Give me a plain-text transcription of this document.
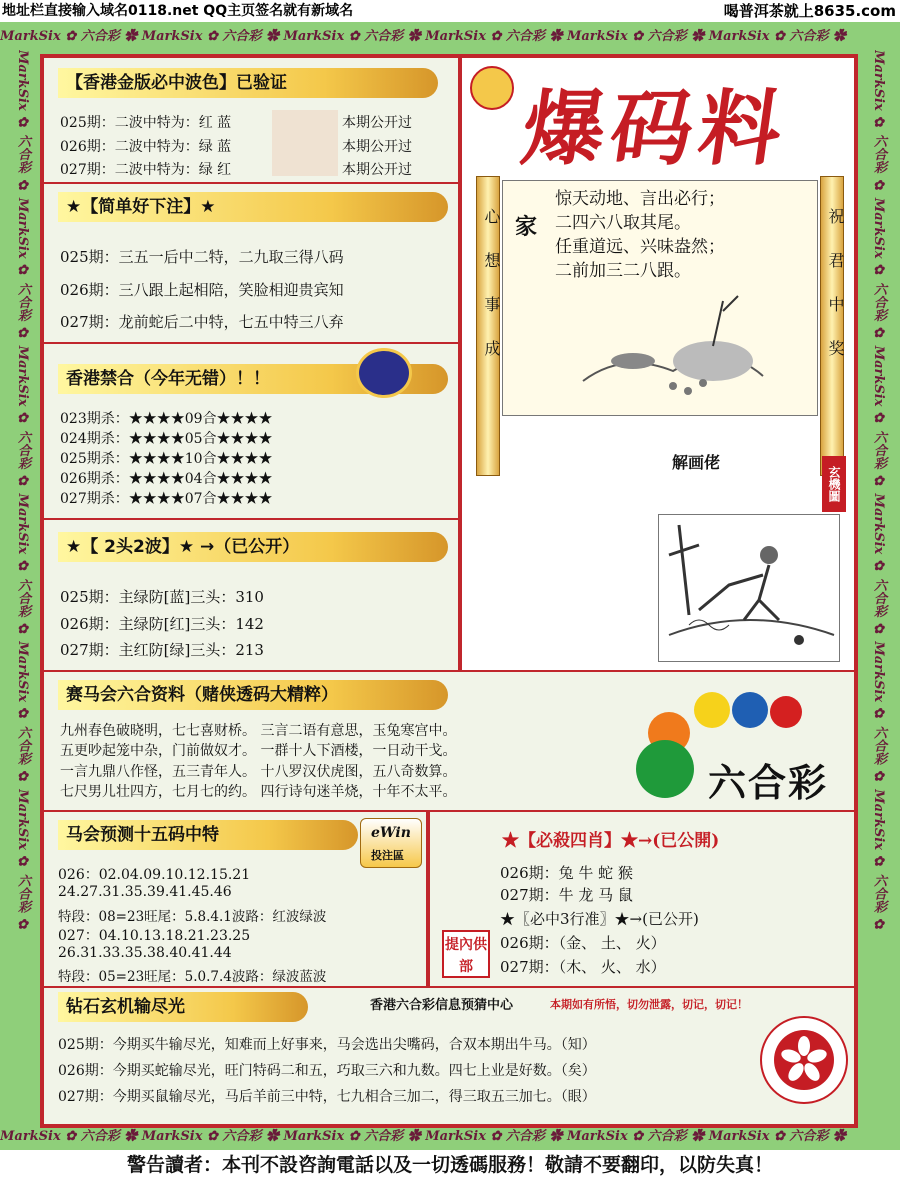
地址栏直接输入域名0118.net QQ主页签名就有新域名	喝普洱茶就上8635.com
MarkSix ✿ 六合彩 ✿ MarkSix ✿ 六合彩 ✿ MarkSix ✿ 六合彩 ✿ MarkSix ✿ 六合彩 ✿ MarkSix ✿ 六合彩 ✿ MarkSix ✿ 六合彩 ✿
MarkSix ✿ 六合彩 ✿ MarkSix ✿ 六合彩 ✿ MarkSix ✿ 六合彩 ✿ MarkSix ✿ 六合彩 ✿ MarkSix ✿ 六合彩 ✿ MarkSix ✿ 六合彩 ✿
MarkSix ✿ 六合彩 ✿ MarkSix ✿ 六合彩 ✿ MarkSix ✿ 六合彩 ✿ MarkSix ✿ 六合彩 ✿ MarkSix ✿ 六合彩 ✿ MarkSix ✿ 六合彩 ✿	MarkSix ✿ 六合彩 ✿ MarkSix ✿ 六合彩 ✿ MarkSix ✿ 六合彩 ✿ MarkSix ✿ 六合彩 ✿ MarkSix ✿ 六合彩 ✿ MarkSix ✿ 六合彩 ✿
【香港金版必中波色】已验证
025期：二波中特为：红 蓝	本期公开过
026期：二波中特为：绿 蓝	本期公开过
027期：二波中特为：绿 红	本期公开过
★【简单好下注】★
025期：三五一后中二特，二九取三得八码
026期：三八跟上起相陪，笑脸相迎贵宾知
027期：龙前蛇后二中特，七五中特三八弃
香港禁合（今年无错）！！
023期杀：★★★★09合★★★★
024期杀：★★★★05合★★★★
025期杀：★★★★10合★★★★
026期杀：★★★★04合★★★★
027期杀：★★★★07合★★★★
★【 2头2波】★ →（已公开）
025期：主绿防[蓝]三头：310
026期：主绿防[红]三头：142
027期：主红防[绿]三头：213
爆码料
心想事成	祝君中奖
家
惊天动地、言出必行；
二四六八取其尾。
任重道远、兴味盎然；
二前加三二八跟。
解画佬
玄機圖
赛马会六合资料（赌侠透码大精粹）
九州春色破晓明，七七喜财桥。 三言二语有意思，玉兔寒宫中。
五更吵起笼中杂，门前做奴才。 一群十人下酒楼，一日动干戈。
一言九鼎八作怪，五三青年人。 十八罗汉伏虎图，五八奇数算。
七尺男儿壮四方，七月七的约。 四行诗句迷羊烧，十年不太平。	六合彩
马会预测十五码中特	eWin
投注區
026：02.04.09.10.12.15.21
24.27.31.35.39.41.45.46
特段：08=23旺尾：5.8.4.1波路：红波绿波
027：04.10.13.18.21.23.25
26.31.33.35.38.40.41.44
特段：05=23旺尾：5.0.7.4波路：绿波蓝波
★【必殺四肖】★→(已公開)
026期：兔 牛 蛇 猴
027期：牛 龙 马 鼠
★〖必中3行准〗★→(已公开)
026期：（金、 土、 火）
027期：（木、 火、 水）
提內供部
钻石玄机输尽光	香港六合彩信息预猜中心	本期如有所悟，切勿泄露，切记，切记！
025期：今期买牛输尽光，知难而上好事来，马会选出尖嘴码，合双本期出牛马。（知）
026期：今期买蛇输尽光，旺门特码二和五，巧取三六和九数。四七上业是好数。（矣）
027期：今期买鼠输尽光，马后羊前三中特，七九相合三加二，得三取五三加七。（眼）
警告讀者：本刊不設咨詢電話以及一切透碼服務！敬請不要翻印，以防失真！
